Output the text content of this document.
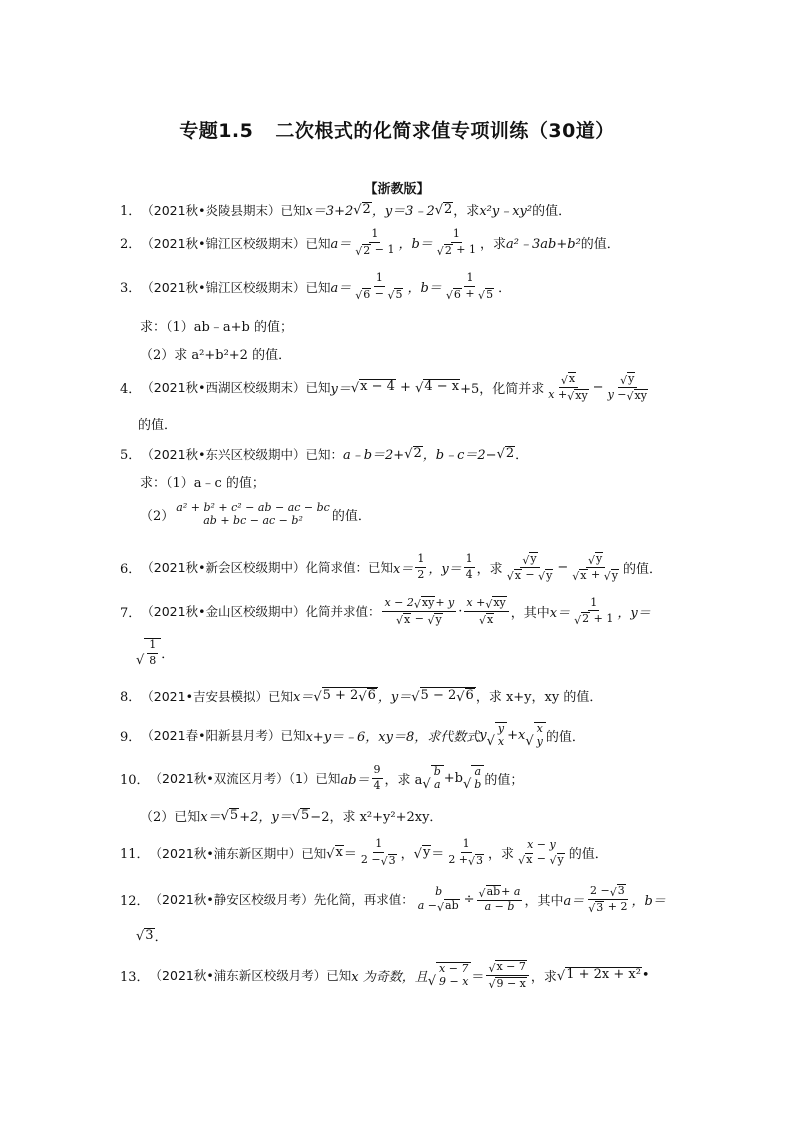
专题1.5 二次根式的化简求值专项训练（30道）
【浙教版】
1． （2021秋•炎陵县期末）已知 x＝3+2 √ 2 ，y＝3﹣2 √ 2 ，求 x²y﹣xy² 的值．
2． （2021秋•锦江区校级期末）已知 $a= \frac{1}{√ 2 - 1}$ ，$b= \frac{1}{√ 2 + 1}$ ，求 a²﹣3ab+b² 的值．
3． （2021秋•锦江区校级期末）已知 $a= \frac{1}{√ 6 - √ 5}$ ，$b= \frac{1}{√ 6 + √ 5}$ ．
求：（1）ab﹣a+b 的值；
（2）求 a²+b²+2 的值．
4． （2021秋•西湖区校级期末）已知 y＝ √ x − 4 + √ 4 − x +5，化简并求 $\frac{√ x}{x + √ xy} - \frac{√ y}{y - √ xy}$
的值．
5． （2021秋•东兴区校级期中）已知： a﹣b＝2+ √ 2 ，b﹣c＝2− √ 2 ．
求：（1）a﹣c 的值；
（2）
a² + b² + c² − ab − ac − bc
ab + bc − ac − b² 的值．
6． （2021秋•新会区校级期中）化简求值：已知 $x= \frac{1}{2}$ ，$y= \frac{1}{4}$ ，求 $\frac{√ y}{√ x - √ y} - \frac{√ y}{√ x + √ y}$ 的值．
7． （2021秋•金山区校级期中）化简并求值： $\frac{x - 2 √ xy + y}{√ x - √ y} \cdot \frac{x + √ xy}{√ x}$ ，其中 $x= \frac{1}{√ 2 + 1}$ ，y＝
√ $\frac{1}{8}$ ．
8． （2021•吉安县模拟）已知 x＝ √ 5 + 2 √ 6 ，y＝ √ 5 − 2 √ 6 ，求 x+y，xy 的值．
9． （2021春•阳新县月考）已知 x+y＝﹣6，xy＝8，求代数式 y √
y
x +x √
x
y 的值．
10． （2021秋•双流区月考）（1）已知 $ab= \frac{9}{4}$ ，求 a √
b
a +b √
a
b 的值；
（2）已知 x＝ √ 5 +2，y＝ √ 5 −2，求 x²+y²+2xy．
11． （2021秋•浦东新区期中）已知 √ $x = \frac{1}{2 - √ 3}$ ， √ $y = \frac{1}{2 + √ 3}$ ，求
x − y
√ x − √ y 的值．
12． （2021秋•静安区校级月考）先化简，再求值：
b
a − √ ab ÷ $\frac{√ ab + a}{a - b}$ ，其中 $a= \frac{2 - √ 3}{√ 3 + 2}$ ，b＝
√ 3 ．
13． （2021秋•浦东新区校级月考）已知 x 为奇数，且 √
x − 7
$9 - x = \frac{√ x - 7}{√ 9 - x}$ ，求 √ 1 + 2x + x² •
